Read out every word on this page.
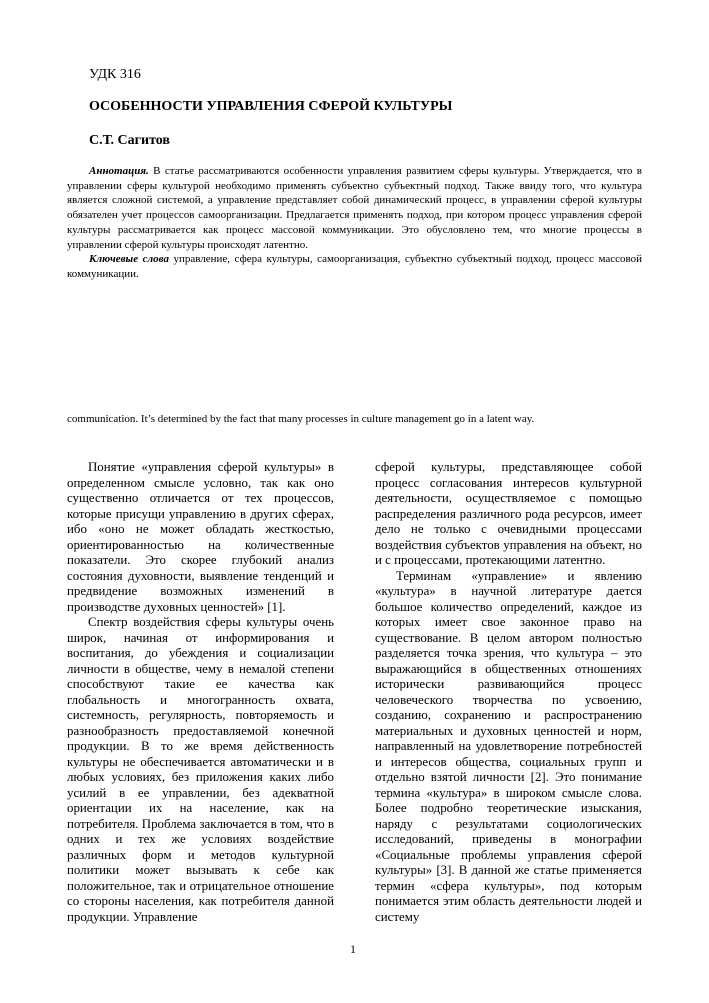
УДК 316
ОСОБЕННОСТИ УПРАВЛЕНИЯ СФЕРОЙ КУЛЬТУРЫ
С.Т. Сагитов

Аннотация. В статье рассматриваются особенности управления развитием сферы культуры. Утверждается, что в управлении сферы культурой необходимо применять субъектно субъектный подход. Также ввиду того, что культура является сложной системой, а управление представляет собой динамический процесс, в управлении сферой культуры обязателен учет процессов самоорганизации. Предлагается применять подход, при котором процесс управления сферой культуры рассматривается как процесс массовой коммуникации. Это обусловлено тем, что многие процессы в управлении сферой культуры происходят латентно.

Ключевые слова управление, сфера культуры, самоорганизация, субъектно субъектный подход, процесс массовой коммуникации.

communication. It’s determined by the fact that many processes in culture management go in a latent way.

Понятие «управления сферой культуры» в определенном смысле условно, так как оно существенно отличается от тех процессов, которые присущи управлению в других сферах, ибо «оно не может обладать жесткостью, ориентированностью на количественные показатели. Это скорее глубокий анализ состояния духовности, выявление тенденций и предвидение возможных изменений в производстве духовных ценностей» [1].

Спектр воздействия сферы культуры очень широк, начиная от информирования и воспитания, до убеждения и социализации личности в обществе, чему в немалой степени способствуют такие ее качества как глобальность и многогранность охвата, системность, регулярность, повторяемость и разнообразность предоставляемой конечной продукции. В то же время действенность культуры не обеспечивается автоматически и в любых условиях, без приложения каких либо усилий в ее управлении, без адекватной ориентации их на население, как на потребителя. Проблема заключается в том, что в одних и тех же условиях воздействие различных форм и методов культурной политики может вызывать к себе как положительное, так и отрицательное отношение со стороны населения, как потребителя данной продукции. Управление

сферой культуры, представляющее собой процесс согласования интересов культурной деятельности, осуществляемое с помощью распределения различного рода ресурсов, имеет дело не только с очевидными процессами воздействия субъектов управления на объект, но и с процессами, протекающими латентно.

Терминам «управление» и явлению «культура» в научной литературе дается большое количество определений, каждое из которых имеет свое законное право на существование. В целом автором полностью разделяется точка зрения, что культура – это выражающийся в общественных отношениях исторически развивающийся процесс человеческого творчества по усвоению, созданию, сохранению и распространению материальных и духовных ценностей и норм, направленный на удовлетворение потребностей и интересов общества, социальных групп и отдельно взятой личности [2]. Это понимание термина «культура» в широком смысле слова. Более подробно теоретические изыскания, наряду с результатами социологических исследований, приведены в монографии «Социальные проблемы управления сферой культуры» [3]. В данной же статье применяется термин «сфера культуры», под которым понимается этим область деятельности людей и систему

1
